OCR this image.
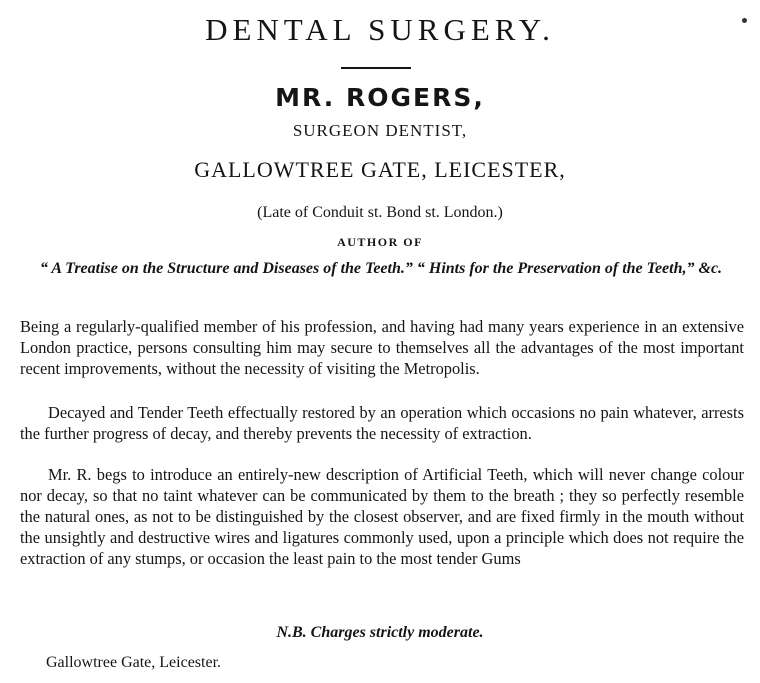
DENTAL SURGERY.
MR. ROGERS,
SURGEON DENTIST,
GALLOWTREE GATE, LEICESTER,
(Late of Conduit st. Bond st. London.)
AUTHOR OF
“ A Treatise on the Structure and Diseases of the Teeth.” “ Hints for the Preservation of the Teeth,” &c.
Being a regularly-qualified member of his profession, and having had many years experience in an extensive London practice, persons consulting him may secure to themselves all the advantages of the most important recent improvements, without the necessity of visiting the Metropolis.
Decayed and Tender Teeth effectually restored by an operation which occasions no pain whatever, arrests the further progress of decay, and thereby prevents the necessity of extraction.
Mr. R. begs to introduce an entirely-new description of Artificial Teeth, which will never change colour nor decay, so that no taint whatever can be communicated by them to the breath ; they so perfectly resemble the natural ones, as not to be distinguished by the closest observer, and are fixed firmly in the mouth without the unsightly and destructive wires and ligatures commonly used, upon a principle which does not require the extraction of any stumps, or occasion the least pain to the most tender Gums
N.B. Charges strictly moderate.
Gallowtree Gate, Leicester.
